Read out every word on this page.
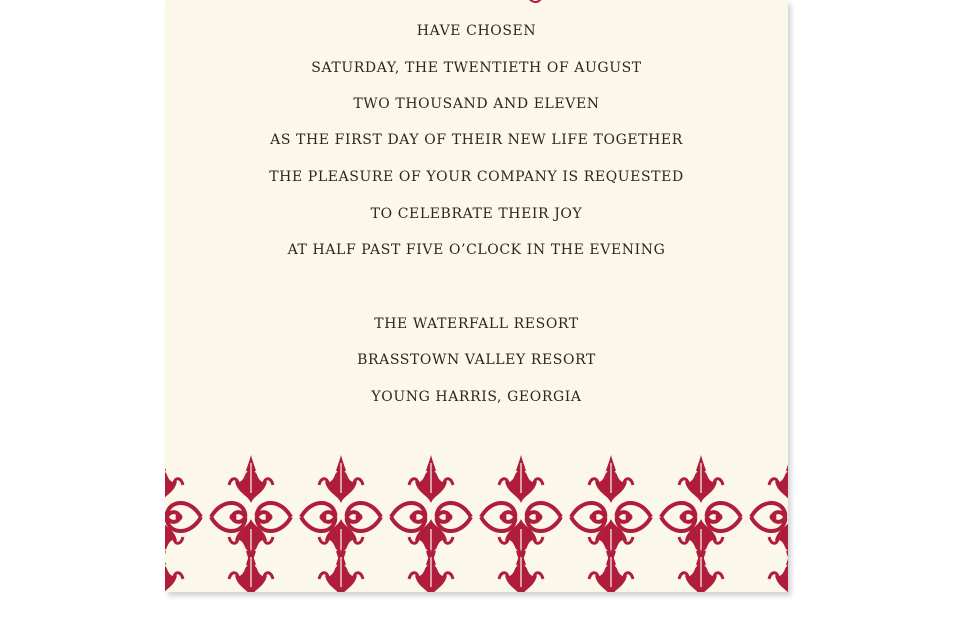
HAVE CHOSEN
SATURDAY, THE TWENTIETH OF AUGUST
TWO THOUSAND AND ELEVEN
AS THE FIRST DAY OF THEIR NEW LIFE TOGETHER
THE PLEASURE OF YOUR COMPANY IS REQUESTED
TO CELEBRATE THEIR JOY
AT HALF PAST FIVE O’CLOCK IN THE EVENING
THE WATERFALL RESORT
BRASSTOWN VALLEY RESORT
YOUNG HARRIS, GEORGIA
